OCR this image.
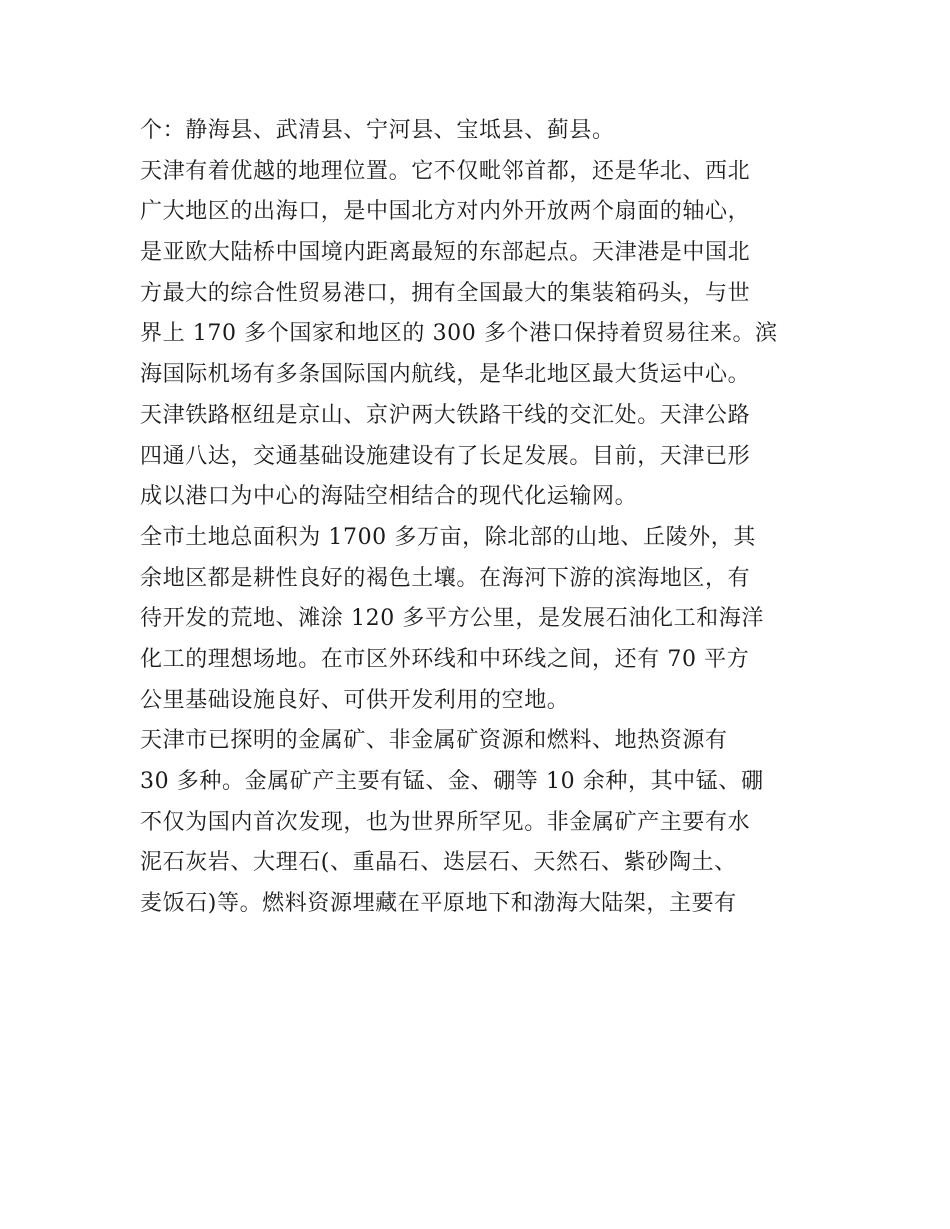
个：静海县、武清县、宁河县、宝坻县、蓟县。
天津有着优越的地理位置。它不仅毗邻首都，还是华北、西北
广大地区的出海口，是中国北方对内外开放两个扇面的轴心，
是亚欧大陆桥中国境内距离最短的东部起点。天津港是中国北
方最大的综合性贸易港口，拥有全国最大的集装箱码头，与世
界上 170 多个国家和地区的 300 多个港口保持着贸易往来。滨
海国际机场有多条国际国内航线，是华北地区最大货运中心。
天津铁路枢纽是京山、京沪两大铁路干线的交汇处。天津公路
四通八达，交通基础设施建设有了长足发展。目前，天津已形
成以港口为中心的海陆空相结合的现代化运输网。
全市土地总面积为 1700 多万亩，除北部的山地、丘陵外，其
余地区都是耕性良好的褐色土壤。在海河下游的滨海地区，有
待开发的荒地、滩涂 120 多平方公里，是发展石油化工和海洋
化工的理想场地。在市区外环线和中环线之间，还有 70 平方
公里基础设施良好、可供开发利用的空地。
天津市已探明的金属矿、非金属矿资源和燃料、地热资源有
30 多种。金属矿产主要有锰、金、硼等 10 余种，其中锰、硼
不仅为国内首次发现，也为世界所罕见。非金属矿产主要有水
泥石灰岩、大理石(、重晶石、迭层石、天然石、紫砂陶土、
麦饭石)等。燃料资源埋藏在平原地下和渤海大陆架，主要有
